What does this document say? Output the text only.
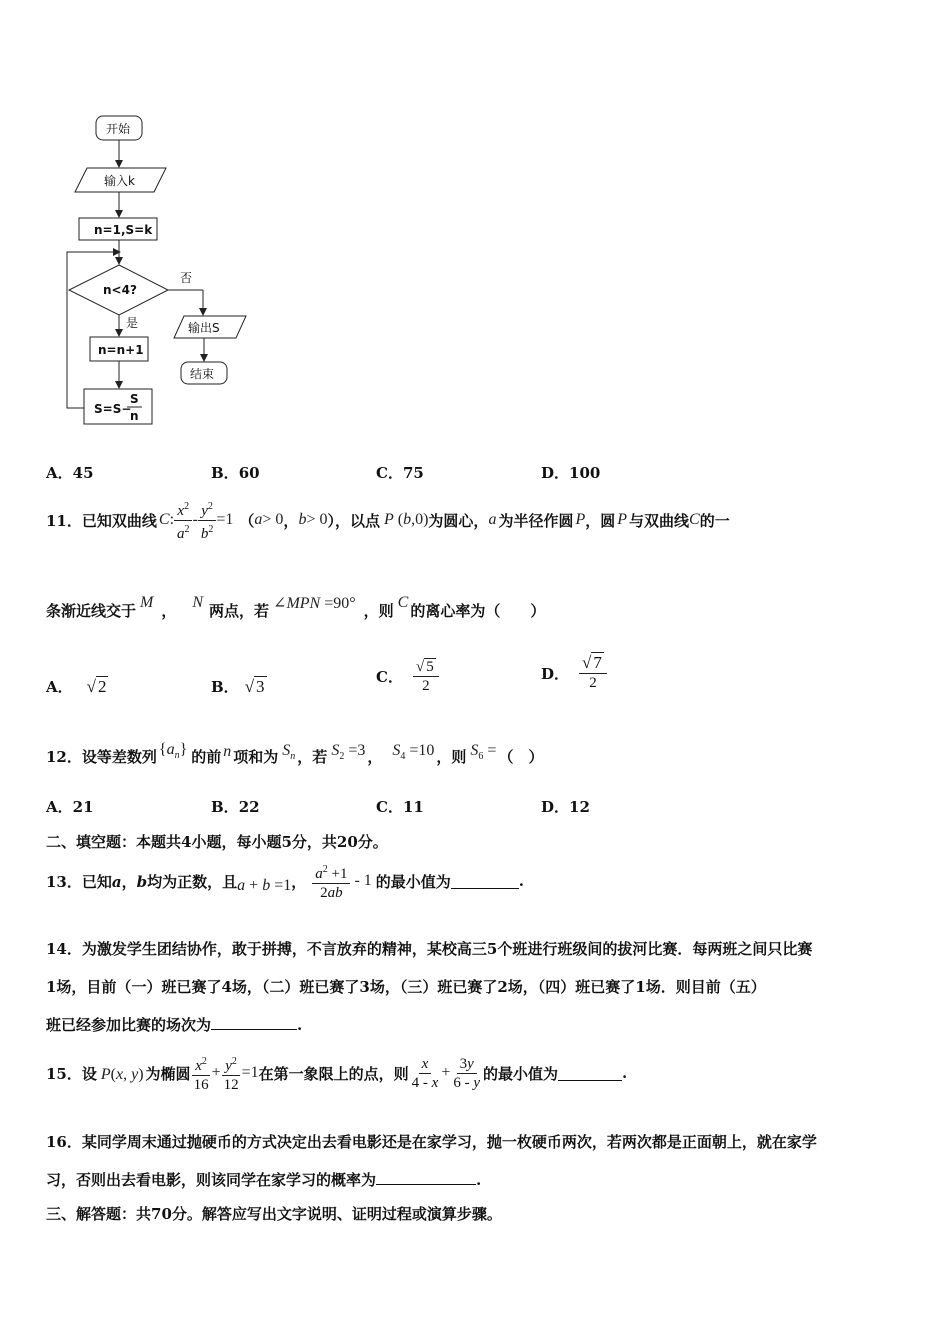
开始
输入k
n=1,S=k
n<4?
否
是
n=n+1
S=S−
S
n
输出S
结束
A．45	B．60	C．75	D．100
11． 已知双曲线 C : $\frac{x^2}{a^2} - \frac{y^2}{b^2} =1$ （ a > 0 ， b > 0 ），以点 P ( b ,0) 为圆心， a 为半径作圆 P ，圆 P 与双曲线 C 的一
条渐近线交于 M ， N 两点，若 ∠MPN =90° ，则 C 的离心率为（　　）
A． √ 2	B． √ 3	C． $\frac{√ 5}{2}$	D． $\frac{√ 7}{2}$
12． 设等差数列 $\{a_n\}$ 的前 n 项和为 $S_n$ ，若 $S_2 =3$ ， $S_4 =10$ ，则 $S_6$ = （　）
A．21	B．22	C．11	D．12
二、填空题：本题共4小题，每小题5分，共20分。
13． 已知 a，b 均为正数，且 a + b =1 ， $\frac{a^2 +1}{2ab} - 1$ 的最小值为	.
14．为激发学生团结协作，敢于拼搏，不言放弃的精神，某校高三5个班进行班级间的拔河比赛．每两班之间只比赛
1场，目前（一）班已赛了4场，（二）班已赛了3场，（三）班已赛了2场，（四）班已赛了1场．则目前（五）
班已经参加比赛的场次为	.
15． 设 P(x, y) 为椭圆 $\frac{x^2}{16} + \frac{y^2}{12} =1$ 在第一象限上的点，则 $\frac{x}{4 - x} + \frac{3y}{6 - y}$ 的最小值为	.
16．某同学周末通过抛硬币的方式决定出去看电影还是在家学习，抛一枚硬币两次，若两次都是正面朝上，就在家学
习，否则出去看电影，则该同学在家学习的概率为	.
三、解答题：共70分。解答应写出文字说明、证明过程或演算步骤。
